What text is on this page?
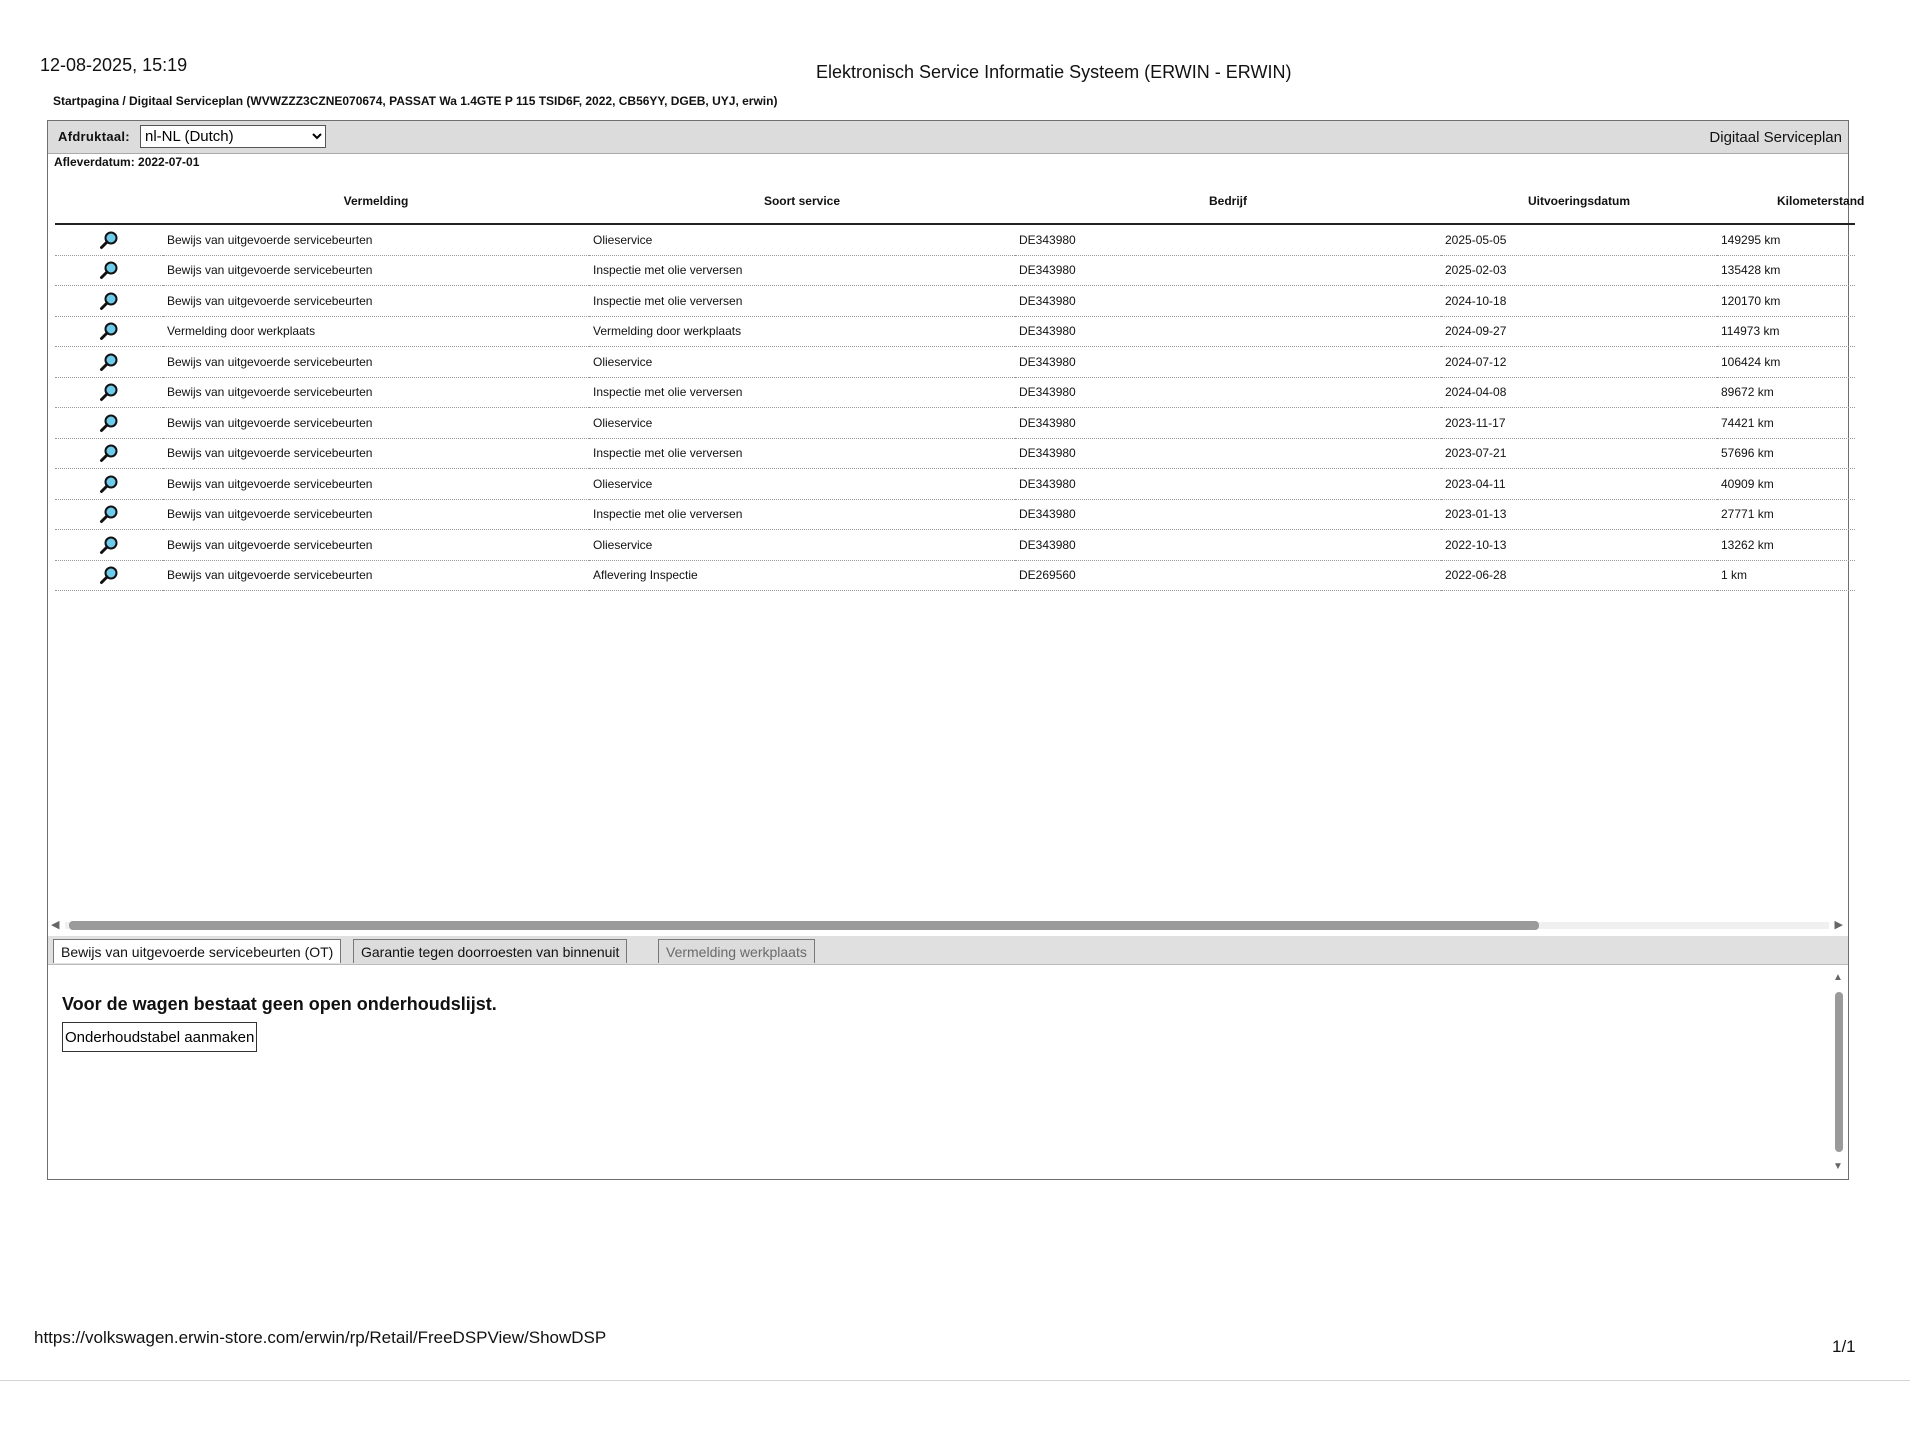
12-08-2025, 15:19	Elektronisch Service Informatie Systeem (ERWIN - ERWIN)
Startpagina / Digitaal Serviceplan (WVWZZZ3CZNE070674, PASSAT Wa 1.4GTE P 115 TSID6F, 2022, CB56YY, DGEB, UYJ, erwin)
Afdruktaal:
nl-NL (Dutch)	Digitaal Serviceplan
Afleverdatum: 2022-07-01
	Vermelding	Soort service	Bedrijf	Uitvoeringsdatum	Kilometerstand
	Bewijs van uitgevoerde servicebeurten	Olieservice	DE343980	2025-05-05	149295 km
	Bewijs van uitgevoerde servicebeurten	Inspectie met olie verversen	DE343980	2025-02-03	135428 km
	Bewijs van uitgevoerde servicebeurten	Inspectie met olie verversen	DE343980	2024-10-18	120170 km
	Vermelding door werkplaats	Vermelding door werkplaats	DE343980	2024-09-27	114973 km
	Bewijs van uitgevoerde servicebeurten	Olieservice	DE343980	2024-07-12	106424 km
	Bewijs van uitgevoerde servicebeurten	Inspectie met olie verversen	DE343980	2024-04-08	89672 km
	Bewijs van uitgevoerde servicebeurten	Olieservice	DE343980	2023-11-17	74421 km
	Bewijs van uitgevoerde servicebeurten	Inspectie met olie verversen	DE343980	2023-07-21	57696 km
	Bewijs van uitgevoerde servicebeurten	Olieservice	DE343980	2023-04-11	40909 km
	Bewijs van uitgevoerde servicebeurten	Inspectie met olie verversen	DE343980	2023-01-13	27771 km
	Bewijs van uitgevoerde servicebeurten	Olieservice	DE343980	2022-10-13	13262 km
	Bewijs van uitgevoerde servicebeurten	Aflevering Inspectie	DE269560	2022-06-28	1 km
◀	▶
Bewijs van uitgevoerde servicebeurten (OT)	Garantie tegen doorroesten van binnenuit	Vermelding werkplaats
Voor de wagen bestaat geen open onderhoudslijst.
Onderhoudstabel aanmaken
▲
▼
https://volkswagen.erwin-store.com/erwin/rp/Retail/FreeDSPView/ShowDSP	1/1
